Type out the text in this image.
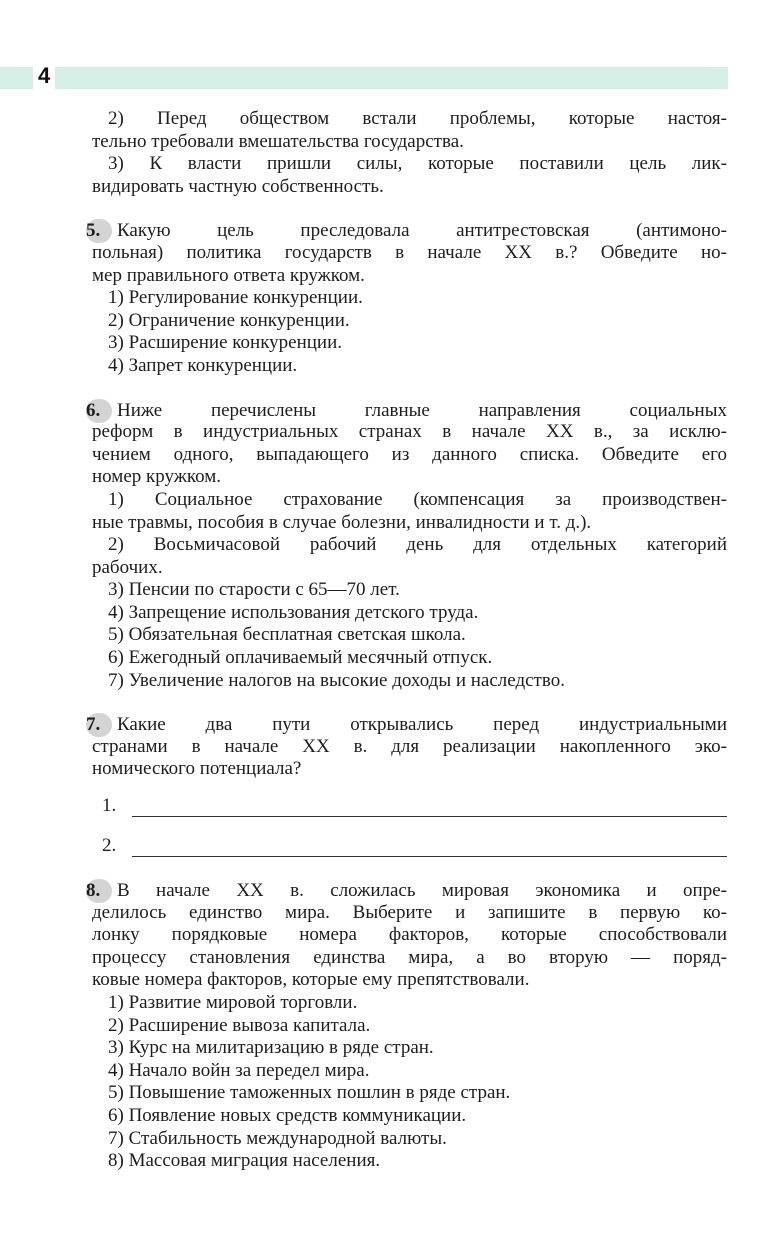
4
2) Перед обществом встали проблемы, которые настоя-
тельно требовали вмешательства государства.
3) К власти пришли силы, которые поставили цель лик-
видировать частную собственность.
5. Какую цель преследовала антитрестовская (антимоно-
польная) политика государств в начале XX в.? Обведите но-
мер правильного ответа кружком.
1) Регулирование конкуренции.
2) Ограничение конкуренции.
3) Расширение конкуренции.
4) Запрет конкуренции.
6. Ниже перечислены главные направления социальных
реформ в индустриальных странах в начале XX в., за исклю-
чением одного, выпадающего из данного списка. Обведите его
номер кружком.
1) Социальное страхование (компенсация за производствен-
ные травмы, пособия в случае болезни, инвалидности и т. д.).
2) Восьмичасовой рабочий день для отдельных категорий
рабочих.
3) Пенсии по старости с 65—70 лет.
4) Запрещение использования детского труда.
5) Обязательная бесплатная светская школа.
6) Ежегодный оплачиваемый месячный отпуск.
7) Увеличение налогов на высокие доходы и наследство.
7. Какие два пути открывались перед индустриальными
странами в начале XX в. для реализации накопленного эко-
номического потенциала?
1.
2.
8. В начале XX в. сложилась мировая экономика и опре-
делилось единство мира. Выберите и запишите в первую ко-
лонку порядковые номера факторов, которые способствовали
процессу становления единства мира, а во вторую — поряд-
ковые номера факторов, которые ему препятствовали.
1) Развитие мировой торговли.
2) Расширение вывоза капитала.
3) Курс на милитаризацию в ряде стран.
4) Начало войн за передел мира.
5) Повышение таможенных пошлин в ряде стран.
6) Появление новых средств коммуникации.
7) Стабильность международной валюты.
8) Массовая миграция населения.
